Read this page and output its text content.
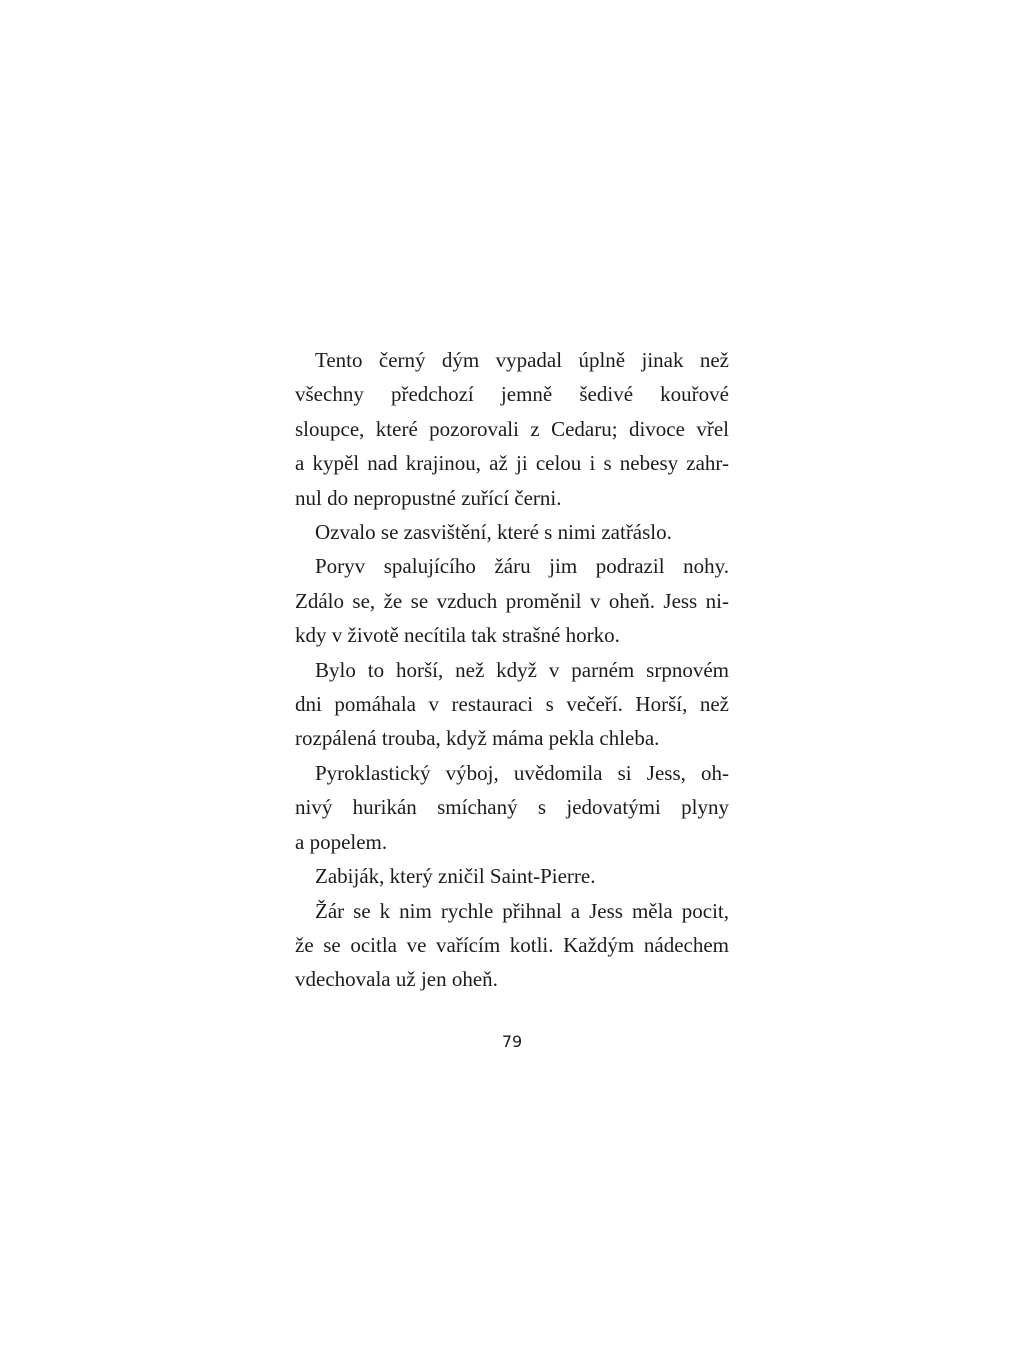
Tento černý dým vypadal úplně jinak než
všechny předchozí jemně šedivé kouřové
sloupce, které pozorovali z Cedaru; divoce vřel
a kypěl nad krajinou, až ji celou i s nebesy zahr-
nul do nepropustné zuřící černi.

Ozvalo se zasvištění, které s nimi zatřáslo.

Poryv spalujícího žáru jim podrazil nohy.
Zdálo se, že se vzduch proměnil v oheň. Jess ni-
kdy v životě necítila tak strašné horko.

Bylo to horší, než když v parném srpnovém
dni pomáhala v restauraci s večeří. Horší, než
rozpálená trouba, když máma pekla chleba.

Pyroklastický výboj, uvědomila si Jess, oh-
nivý hurikán smíchaný s jedovatými plyny
a popelem.

Zabiják, který zničil Saint-Pierre.

Žár se k nim rychle přihnal a Jess měla pocit,
že se ocitla ve vařícím kotli. Každým nádechem
vdechovala už jen oheň.

79
